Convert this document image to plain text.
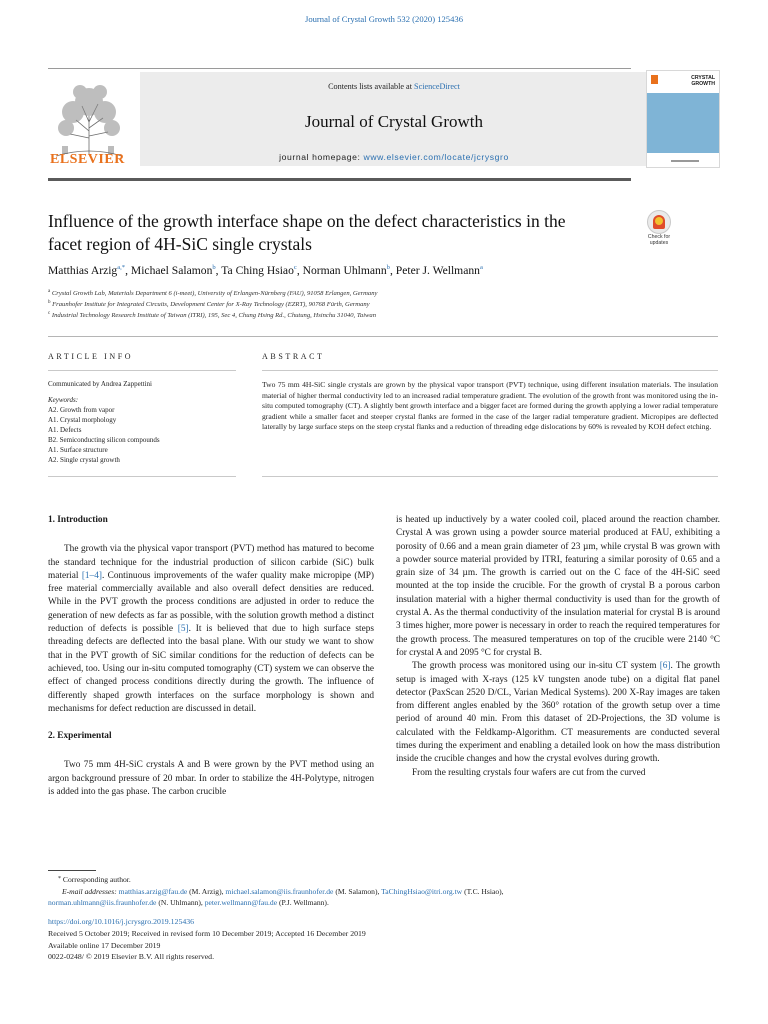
Journal of Crystal Growth 532 (2020) 125436
ELSEVIER
Contents lists available at ScienceDirect
Journal of Crystal Growth
journal homepage: www.elsevier.com/locate/jcrysgro
CRYSTAL
GROWTH
Influence of the growth interface shape on the defect characteristics in the
facet region of 4H-SiC single crystals	Check for
updates
Matthias Arzig$^{a,*}$, Michael Salamon$^b$, Ta Ching Hsiao$^c$, Norman Uhlmann$^b$, Peter J. Wellmann$^a$
$^a$ Crystal Growth Lab, Materials Department 6 (i-meet), University of Erlangen-Nürnberg (FAU), 91058 Erlangen, Germany
$^b$ Fraunhofer Institute for Integrated Circuits, Development Center for X-Ray Technology (EZRT), 90768 Fürth, Germany
$^c$ Industrial Technology Research Institute of Taiwan (ITRI), 195, Sec 4, Chung Hsing Rd., Chutung, Hsinchu 31040, Taiwan
ARTICLE INFO	ABSTRACT
Communicated by Andrea Zappettini
Keywords:
A2. Growth from vapor
A1. Crystal morphology
A1. Defects
B2. Semiconducting silicon compounds
A1. Surface structure
A2. Single crystal growth
Two 75 mm 4H-SiC single crystals are grown by the physical vapor transport (PVT) technique, using different insulation materials. The insulation material of higher thermal conductivity led to an increased radial temperature gradient. The evolution of the growth front was monitored using the in-situ computed tomography (CT). A slightly bent growth interface and a bigger facet are formed during the growth applying a lower radial temperature gradient while a smaller facet and steeper crystal flanks are formed in the case of the larger radial temperature gradient. Micropipes are deflected laterally by large surface steps on the steep crystal flanks and a reduction of threading edge dislocations by 60% is revealed by KOH defect etching.
1. Introduction

The growth via the physical vapor transport (PVT) method has matured to become the standard technique for the industrial production of silicon carbide (SiC) bulk material [1–4]. Continuous improvements of the wafer quality make micropipe (MP) free material commercially available and also overall defect densities are reduced. While in the PVT growth the process conditions are adjusted in order to reduce the generation of new defects as far as possible, with the solution growth method a distinct reduction of defects is possible [5]. It is believed that due to high surface steps threading defects are deflected into the basal plane. With our study we want to show that in the PVT growth of SiC similar conditions for the reduction of defects can be achieved, too. Using our in-situ computed tomography (CT) system we can observe the effect of changed process conditions directly during the growth. The influence of differently shaped growth interfaces on the surface morphology is shown and mechanisms for defect reduction are discussed in detail.

2. Experimental

Two 75 mm 4H-SiC crystals A and B were grown by the PVT method using an argon background pressure of 20 mbar. In order to stabilize the 4H-Polytype, nitrogen is added into the gas phase. The carbon crucible

is heated up inductively by a water cooled coil, placed around the reaction chamber. Crystal A was grown using a powder source material produced at FAU, exhibiting a porosity of 0.66 and a mean grain diameter of 23 µm, while crystal B was grown with a powder source material provided by ITRI, featuring a similar porosity of 0.65 and a grain size of 34 µm. The growth is carried out on the C face of the 4H-SiC seed mounted at the top inside the crucible. For the growth of crystal B a porous carbon insulation material with a higher thermal conductivity is used than for the growth of crystal A. As the thermal conductivity of the insulation material for crystal B is around 3 times higher, more power is necessary in order to reach the required temperatures for the growth process. The measured temperatures on top of the crucible were 2140 °C for crystal A and 2095 °C for crystal B.

The growth process was monitored using our in-situ CT system [6]. The growth setup is imaged with X-rays (125 kV tungsten anode tube) on a digital flat panel detector (PaxScan 2520 D/CL, Varian Medical Systems). 200 X-Ray images are taken from different angles enabled by the 360° rotation of the growth setup over a time period of around 40 min. From this dataset of 2D-Projections, the 3D volume is calculated with the Feldkamp-Algorithm. CT measurements are conducted several times during the experiment and enabling a detailed look on how the mass distribution inside the crucible changes and how the crystal evolves during growth.

From the resulting crystals four wafers are cut from the curved

* Corresponding author.
E-mail addresses: matthias.arzig@fau.de (M. Arzig), michael.salamon@iis.fraunhofer.de (M. Salamon), TaChingHsiao@itri.org.tw (T.C. Hsiao),
norman.uhlmann@iis.fraunhofer.de (N. Uhlmann), peter.wellmann@fau.de (P.J. Wellmann).
https://doi.org/10.1016/j.jcrysgro.2019.125436
Received 5 October 2019; Received in revised form 10 December 2019; Accepted 16 December 2019
Available online 17 December 2019
0022-0248/ © 2019 Elsevier B.V. All rights reserved.
